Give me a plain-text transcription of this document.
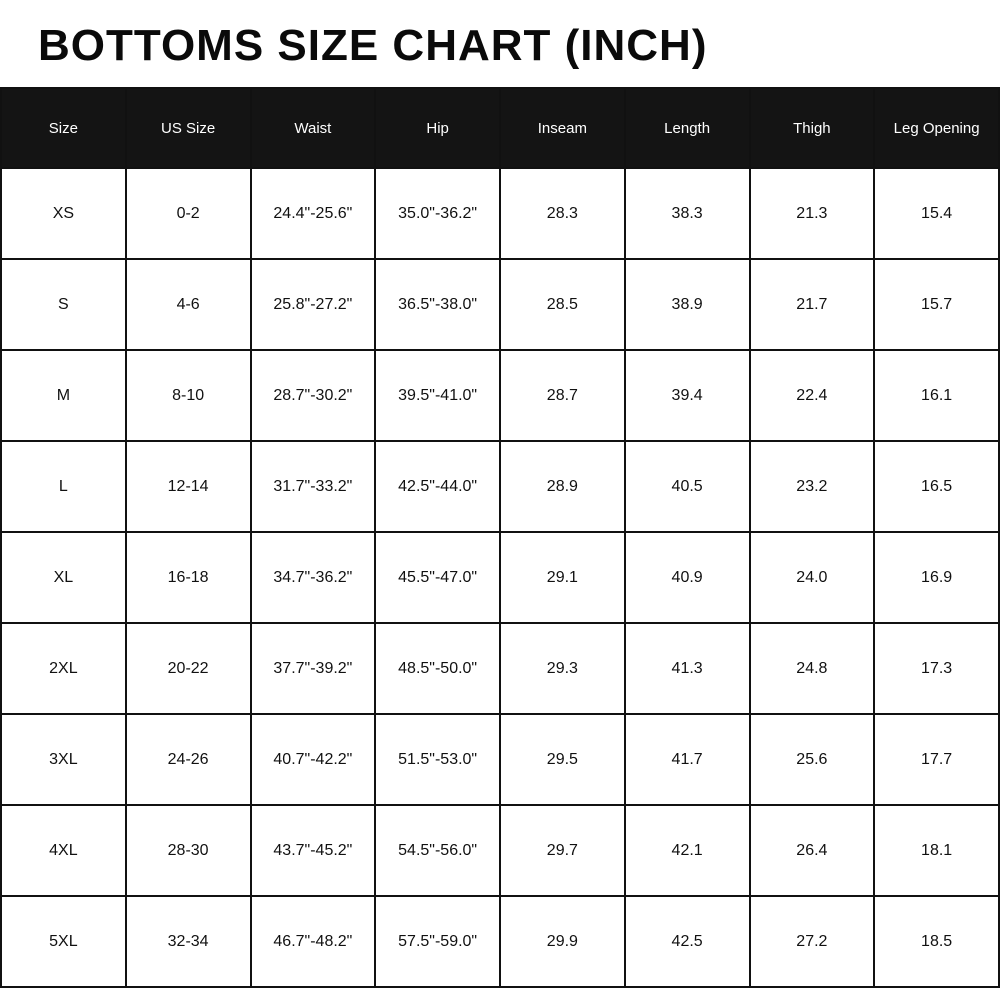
BOTTOMS SIZE CHART (INCH)
Size	US Size	Waist	Hip	Inseam	Length	Thigh	Leg Opening
XS	0-2	24.4"-25.6"	35.0"-36.2"	28.3	38.3	21.3	15.4
S	4-6	25.8"-27.2"	36.5"-38.0"	28.5	38.9	21.7	15.7
M	8-10	28.7"-30.2"	39.5"-41.0"	28.7	39.4	22.4	16.1
L	12-14	31.7"-33.2"	42.5"-44.0"	28.9	40.5	23.2	16.5
XL	16-18	34.7"-36.2"	45.5"-47.0"	29.1	40.9	24.0	16.9
2XL	20-22	37.7"-39.2"	48.5"-50.0"	29.3	41.3	24.8	17.3
3XL	24-26	40.7"-42.2"	51.5"-53.0"	29.5	41.7	25.6	17.7
4XL	28-30	43.7"-45.2"	54.5"-56.0"	29.7	42.1	26.4	18.1
5XL	32-34	46.7"-48.2"	57.5"-59.0"	29.9	42.5	27.2	18.5
